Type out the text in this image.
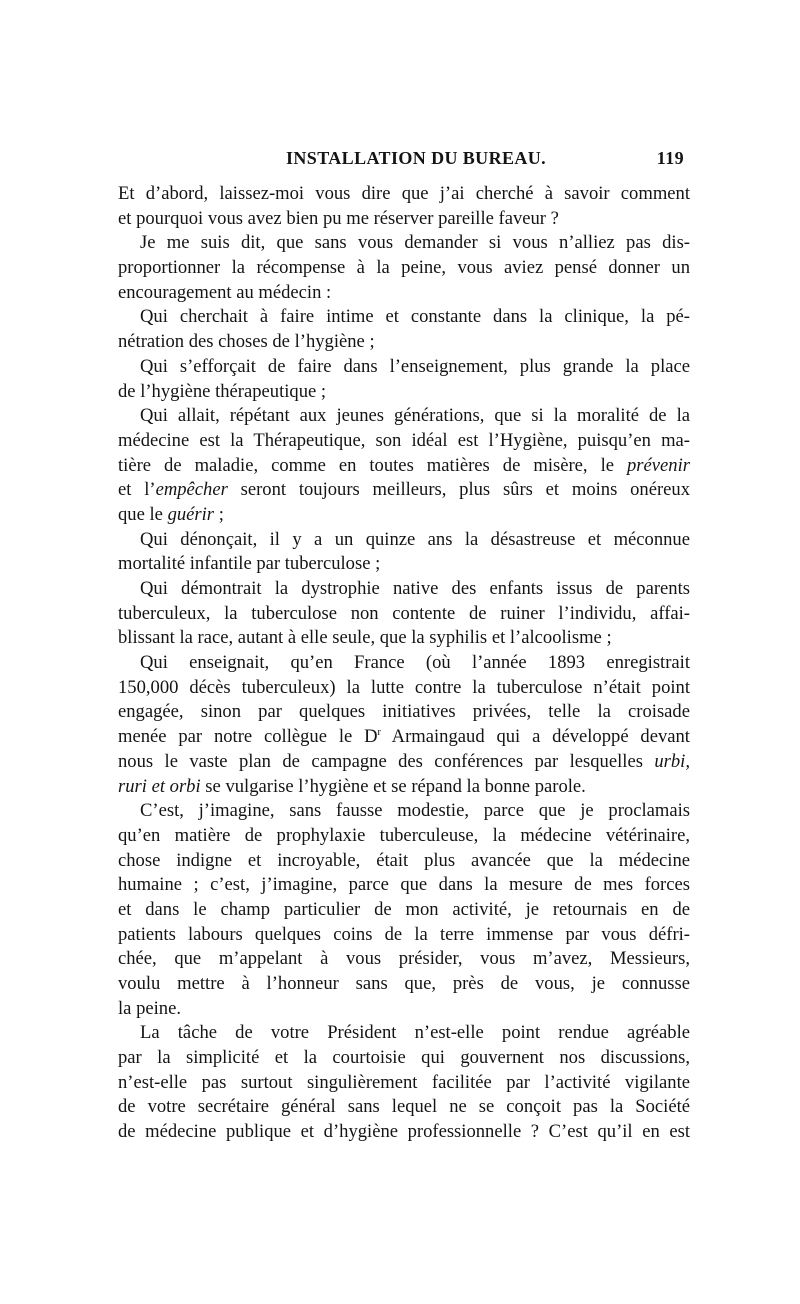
INSTALLATION DU BUREAU.	119
Et d’abord, laissez-moi vous dire que j’ai cherché à savoir comment
et pourquoi vous avez bien pu me réserver pareille faveur ?
Je me suis dit, que sans vous demander si vous n’alliez pas dis-
proportionner la récompense à la peine, vous aviez pensé donner un
encouragement au médecin :
Qui cherchait à faire intime et constante dans la clinique, la pé-
nétration des choses de l’hygiène ;
Qui s’efforçait de faire dans l’enseignement, plus grande la place
de l’hygiène thérapeutique ;
Qui allait, répétant aux jeunes générations, que si la moralité de la
médecine est la Thérapeutique, son idéal est l’Hygiène, puisqu’en ma-
tière de maladie, comme en toutes matières de misère, le prévenir
et l’empêcher seront toujours meilleurs, plus sûrs et moins onéreux
que le guérir ;
Qui dénonçait, il y a un quinze ans la désastreuse et méconnue
mortalité infantile par tuberculose ;
Qui démontrait la dystrophie native des enfants issus de parents
tuberculeux, la tuberculose non contente de ruiner l’individu, affai-
blissant la race, autant à elle seule, que la syphilis et l’alcoolisme ;
Qui enseignait, qu’en France (où l’année 1893 enregistrait
150,000 décès tuberculeux) la lutte contre la tuberculose n’était point
engagée, sinon par quelques initiatives privées, telle la croisade
menée par notre collègue le $D^r$ Armaingaud qui a développé devant
nous le vaste plan de campagne des conférences par lesquelles urbi,
ruri et orbi se vulgarise l’hygiène et se répand la bonne parole.
C’est, j’imagine, sans fausse modestie, parce que je proclamais
qu’en matière de prophylaxie tuberculeuse, la médecine vétérinaire,
chose indigne et incroyable, était plus avancée que la médecine
humaine ; c’est, j’imagine, parce que dans la mesure de mes forces
et dans le champ particulier de mon activité, je retournais en de
patients labours quelques coins de la terre immense par vous défri-
chée, que m’appelant à vous présider, vous m’avez, Messieurs,
voulu mettre à l’honneur sans que, près de vous, je connusse
la peine.
La tâche de votre Président n’est-elle point rendue agréable
par la simplicité et la courtoisie qui gouvernent nos discussions,
n’est-elle pas surtout singulièrement facilitée par l’activité vigilante
de votre secrétaire général sans lequel ne se conçoit pas la Société
de médecine publique et d’hygiène professionnelle ? C’est qu’il en est
